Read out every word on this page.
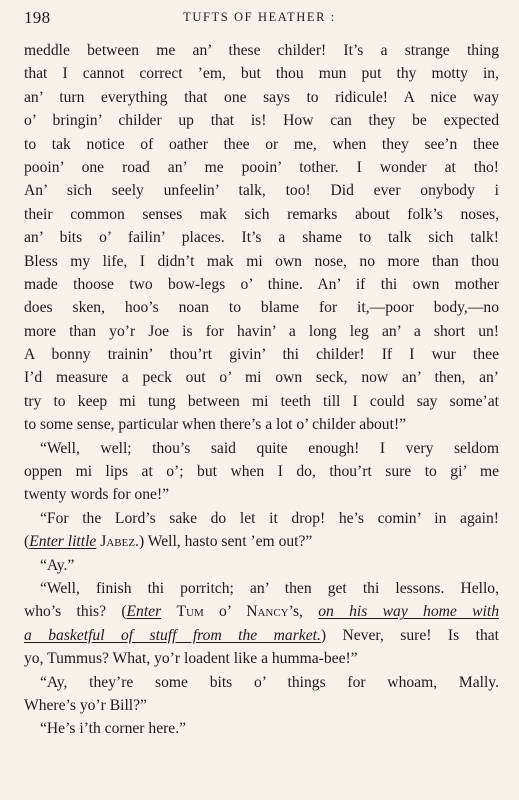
198	TUFTS OF HEATHER :
meddle between me an’ these childer! It’s a strange thing
that I cannot correct ’em, but thou mun put thy motty in,
an’ turn everything that one says to ridicule! A nice way
o’ bringin’ childer up that is! How can they be expected
to tak notice of oather thee or me, when they see’n thee
pooin’ one road an’ me pooin’ tother. I wonder at tho!
An’ sich seely unfeelin’ talk, too! Did ever onybody i
their common senses mak sich remarks about folk’s noses,
an’ bits o’ failin’ places. It’s a shame to talk sich talk!
Bless my life, I didn’t mak mi own nose, no more than thou
made thoose two bow-legs o’ thine. An’ if thi own mother
does sken, hoo’s noan to blame for it,—poor body,—no
more than yo’r Joe is for havin’ a long leg an’ a short un!
A bonny trainin’ thou’rt givin’ thi childer! If I wur thee
I’d measure a peck out o’ mi own seck, now an’ then, an’
try to keep mi tung between mi teeth till I could say some’at
to some sense, particular when there’s a lot o’ childer about!”
“Well, well; thou’s said quite enough! I very seldom
oppen mi lips at o’; but when I do, thou’rt sure to gi’ me
twenty words for one!”
“For the Lord’s sake do let it drop! he’s comin’ in again!
(Enter little Jabez.) Well, hasto sent ’em out?”
“Ay.”
“Well, finish thi porritch; an’ then get thi lessons. Hello,
who’s this? (Enter Tum o’ Nancy’s, on his way home with
a basketful of stuff from the market.) Never, sure! Is that
yo, Tummus? What, yo’r loadent like a humma-bee!”
“Ay, they’re some bits o’ things for whoam, Mally.
Where’s yo’r Bill?”
“He’s i’th corner here.”
